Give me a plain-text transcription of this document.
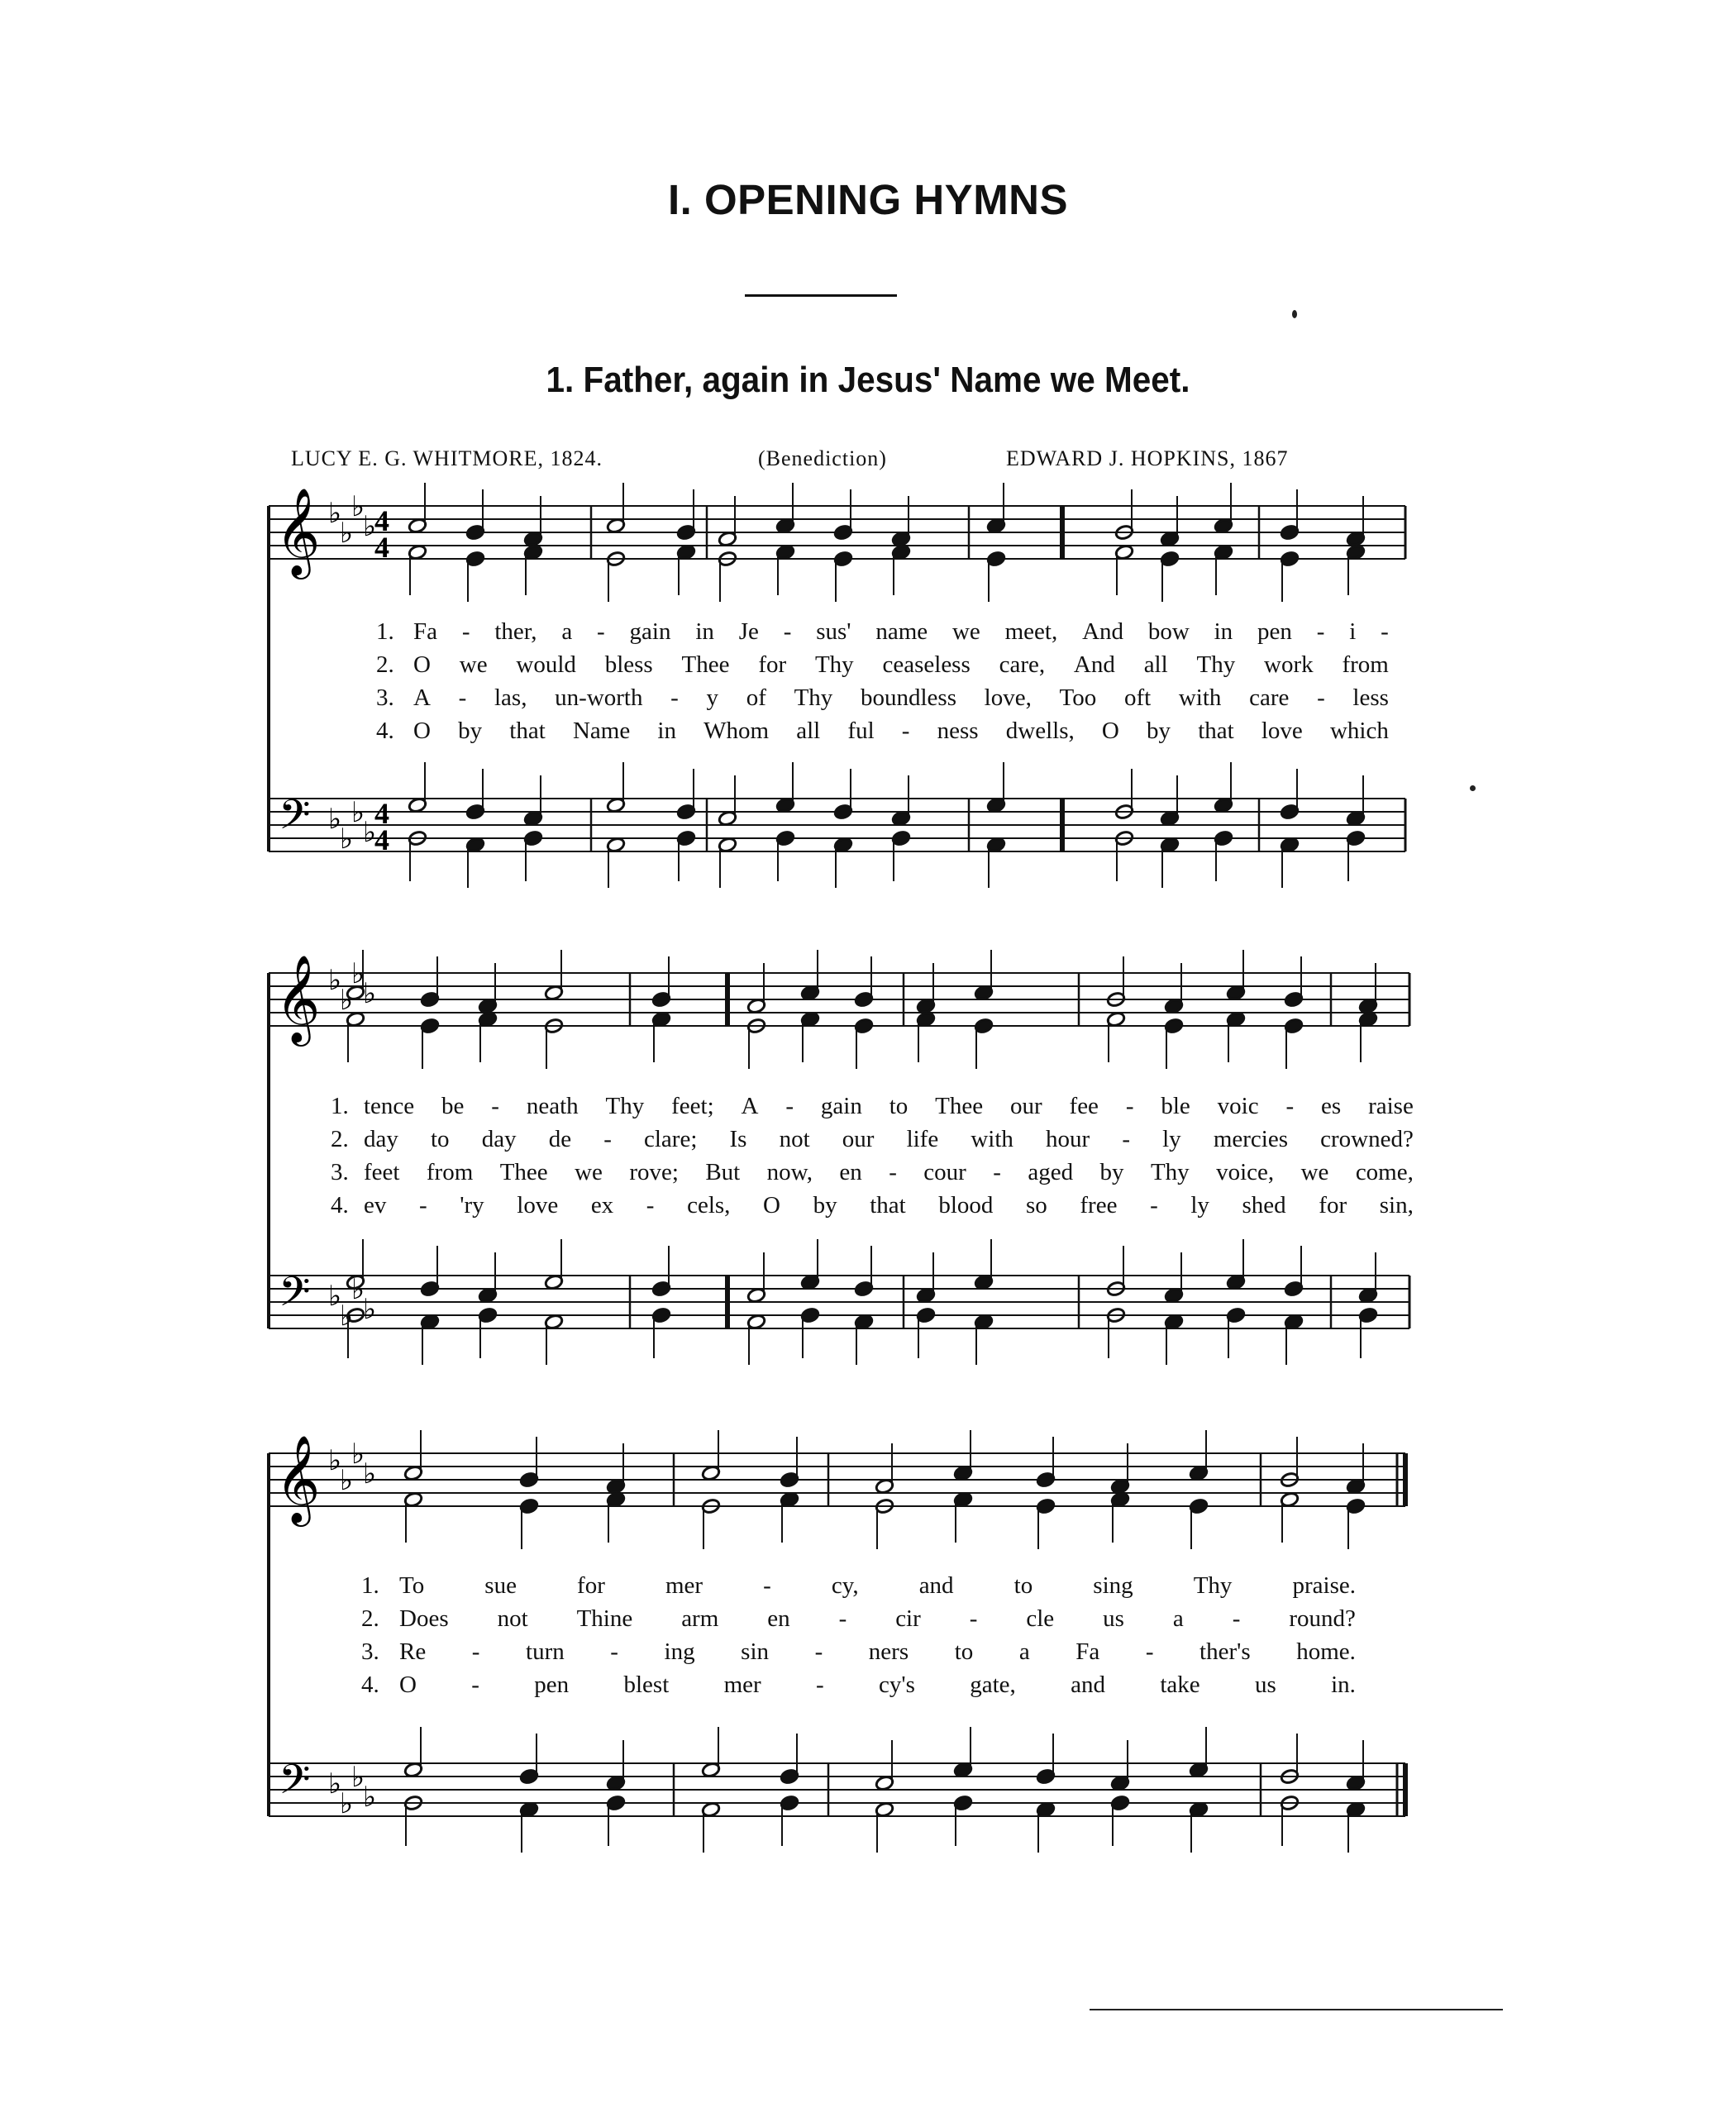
I. OPENING HYMNS
1. Father, again in Jesus' Name we Meet.
LUCY E. G. WHITMORE, 1824.	(Benediction)	EDWARD J. HOPKINS, 1867
𝄞
𝄢
♭
♭
♭
♭
♭
♭
♭
♭
4
4
4
4
𝄞
𝄢
♭
♭
♭
♭
♭
♭
♭
♭
𝄞
𝄢
♭
♭
♭
♭
♭
♭
♭
♭
1. Fa - ther, a - gain in Je - sus' name we meet, And bow in pen - i -
2. O we would bless Thee for Thy ceaseless care, And all Thy work from
3. A - las, un-worth - y of Thy boundless love, Too oft with care - less
4. O by that Name in Whom all ful - ness dwells, O by that love which
1. tence be - neath Thy feet; A - gain to Thee our fee - ble voic - es raise
2. day to day de - clare; Is not our life with hour - ly mercies crowned?
3. feet from Thee we rove; But now, en - cour - aged by Thy voice, we come,
4. ev - 'ry love ex - cels, O by that blood so free - ly shed for sin,
1. To	sue	for	mer	-	cy,	and	to	sing	Thy	praise.
2. Does not Thine arm en - cir - cle us a - round?
3. Re - turn - ing sin - ners to a Fa - ther's home.
4. O - pen blest mer - cy's gate, and take us in.
